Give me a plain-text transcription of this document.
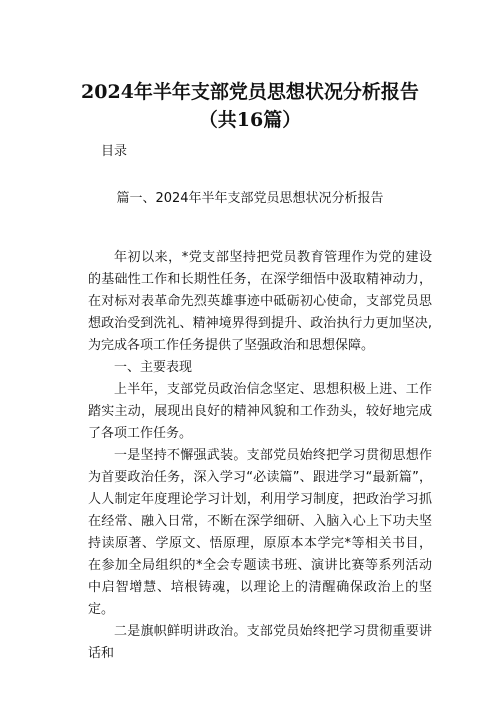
2024年半年支部党员思想状况分析报告（共16篇）
目录
篇一、2024年半年支部党员思想状况分析报告

年初以来，*党支部坚持把党员教育管理作为党的建设的基础性工作和长期性任务，在深学细悟中汲取精神动力，在对标对表革命先烈英雄事迹中砥砺初心使命，支部党员思想政治受到洗礼、精神境界得到提升、政治执行力更加坚决,为完成各项工作任务提供了坚强政治和思想保障。

一、主要表现

上半年，支部党员政治信念坚定、思想积极上进、工作踏实主动，展现出良好的精神风貌和工作劲头，较好地完成了各项工作任务。

一是坚持不懈强武装。支部党员始终把学习贯彻思想作为首要政治任务，深入学习“必读篇”、跟进学习“最新篇”，人人制定年度理论学习计划，利用学习制度，把政治学习抓在经常、融入日常，不断在深学细研、入脑入心上下功夫坚持读原著、学原文、悟原理，原原本本学完*等相关书目，在参加全局组织的*全会专题读书班、演讲比赛等系列活动中启智增慧、培根铸魂，以理论上的清醒确保政治上的坚定。

二是旗帜鲜明讲政治。支部党员始终把学习贯彻重要讲话和
